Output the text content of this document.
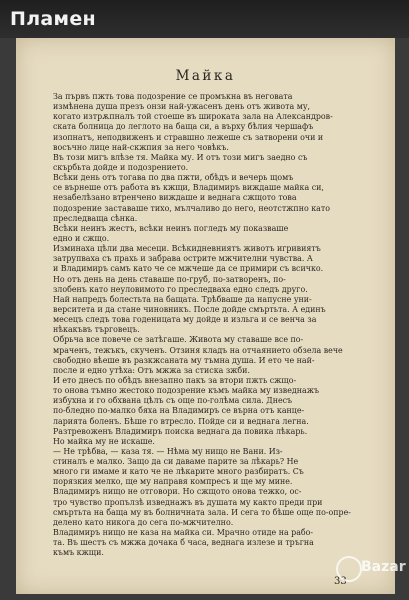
Пламен
Майка
За първъ пжть това подозрение се промъкна въ неговата
измѣнена душа презъ онзи най-ужасенъ день отъ живота му,
когато изтрѫпналъ той стоеше въ широката зала на Александров-
ската болница до леглото на баща си, а върху бѣлия чершафъ
изопнатъ, неподвиженъ и стравшно лежеше съ затворени очи и
восъчно лице най-скжпия за него човѣкъ.
Въ този мигъ влѣзе тя. Майка му. И отъ този мигъ заедно съ
скърбьта дойде и подозрението.
Всѣки день отъ тогава по два пжти, обѣдъ и вечерь щомъ
се върнеше отъ работа въ кжщи, Владимиръ виждаше майка си,
незабелѣзано втренчено виждаше и веднага сжщото това
подозрение заставаше тихо, мълчаливо до него, неотстжпно като
преследваща сѣнка.
Всѣки неинъ жестъ, всѣки неинъ погледъ му показваше
едно и сжщо.
Изминаха цѣли два месеци. Всѣкидневниятъ животъ игривиятъ
затрупваха съ праxь и забрава острите мжчителни чувства. А
и Владимиръ самъ като че се мжчеше да се примири съ всичко.
Но отъ день на день ставаше по-груб, по-затворенъ, по-
злобенъ като неуловимото го преследваха едно следъ друго.
Най напредъ болестьта на бащата. Трѣбваше да напусне уни-
верситета и да стане чиновникъ. После дойде смъртьта. А единъ
месецъ следъ това годеницата му дойде и изльга и се венча за
нѣкакъвъ търговецъ.
Обрьча все повече се затѣгаше. Живота му ставаше все по-
мраченъ, тежъкъ, скученъ. Отзиня кладъ на отчаянието обзела вече
свободно вѣеше въ разкжсаната му тъмна душа. И ето че най-
после и едно утѣха: Отъ мжжа за стиска зжби.
И ето днесъ по обѣдъ внезапно пакъ за втори пжть сжщо-
то онова тъмно жестоко подозрение къмъ майка му изведнажъ
избухна и го обхвана цѣлъ съ още по-голѣма сила. Днесъ
по-бледно по-малко бяха на Владимиръ се върна отъ канце-
ларията боленъ. Бѣше го втресло. Пойде си и веднага легна.
Разтревоженъ Владимиръ поиска веднага да повика лѣкарь.
Но майка му не искаше.
— Не трѣбва, — каза тя. — Нѣма му нищо не Вани. Из-
стиналъ е малко. Защо да си даваме парите за лѣкарь? Не
много ги имаме и като че не лѣкарите много разбиратъ. Съ
порязкия мелко, ще му направя компресъ и ще му мине.
Владимиръ нищо не отговори. Но сжщото онова тежко, ос-
тро чувство пропълзѣ изведнажъ въ душата му както преди при
смъртьта на баща му въ болничната зала. И сега то бѣше още по-опре-
делено като никога до сега по-мжчително.
Владимиръ нищо не каза на майка си. Мрачно отиде на рабо-
та. Въ шестъ съ мжжа дочака б часа, веднага излезе и тръгна
къмъ кжщи.
33
Bazar
